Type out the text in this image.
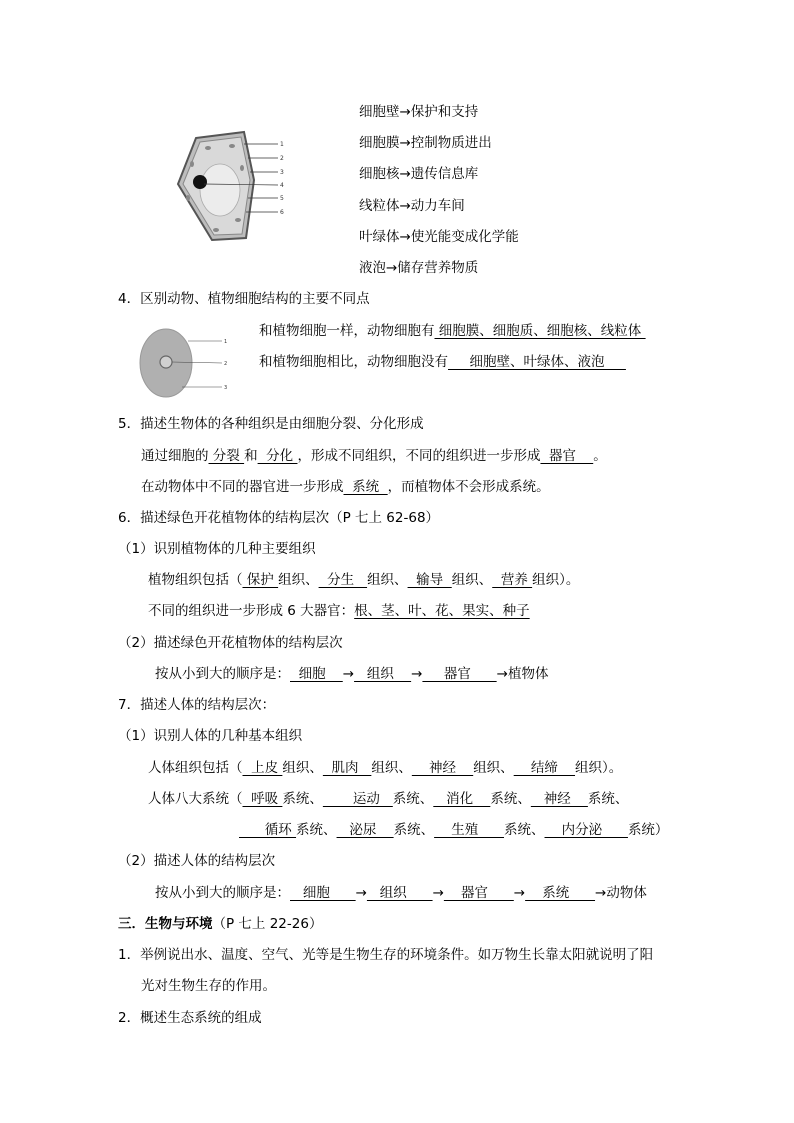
1
2
3
4
5
6
细胞壁→保护和支持
细胞膜→控制物质进出
细胞核→遗传信息库
线粒体→动力车间
叶绿体→使光能变成化学能
液泡→储存营养物质
4．区别动物、植物细胞结构的主要不同点
1
2
3
和植物细胞一样，动物细胞有 细胞膜、细胞质、细胞核、线粒体
和植物细胞相比，动物细胞没有     细胞壁、叶绿体、液泡
5．描述生物体的各种组织是由细胞分裂、分化形成
通过细胞的 分裂 和  分化 ，形成不同组织，不同的组织进一步形成  器官    。
在动物体中不同的器官进一步形成  系统  ，而植物体不会形成系统。
6．描述绿色开花植物体的结构层次（P 七上 62-68）
（1）识别植物体的几种主要组织
植物组织包括（ 保护 组织、  分生   组织、  输导  组织、  营养 组织）。
不同的组织进一步形成 6 大器官：根、茎、叶、花、果实、种子
（2）描述绿色开花植物体的结构层次
按从小到大的顺序是：  细胞    →   组织    →     器官      →植物体
7．描述人体的结构层次：
（1）识别人体的几种基本组织
人体组织包括（  上皮 组织、  肌肉   组织、    神经    组织、    结缔    组织）。
人体八大系统（  呼吸 系统、       运动   系统、   消化    系统、   神经    系统、
循环 系统、   泌尿    系统、    生殖      系统、    内分泌      系统）
（2）描述人体的结构层次
按从小到大的顺序是：   细胞      →   组织      →    器官      →    系统      →动物体
三．生物与环境（P 七上 22-26）
1．举例说出水、温度、空气、光等是生物生存的环境条件。如万物生长靠太阳就说明了阳
光对生物生存的作用。
2．概述生态系统的组成
